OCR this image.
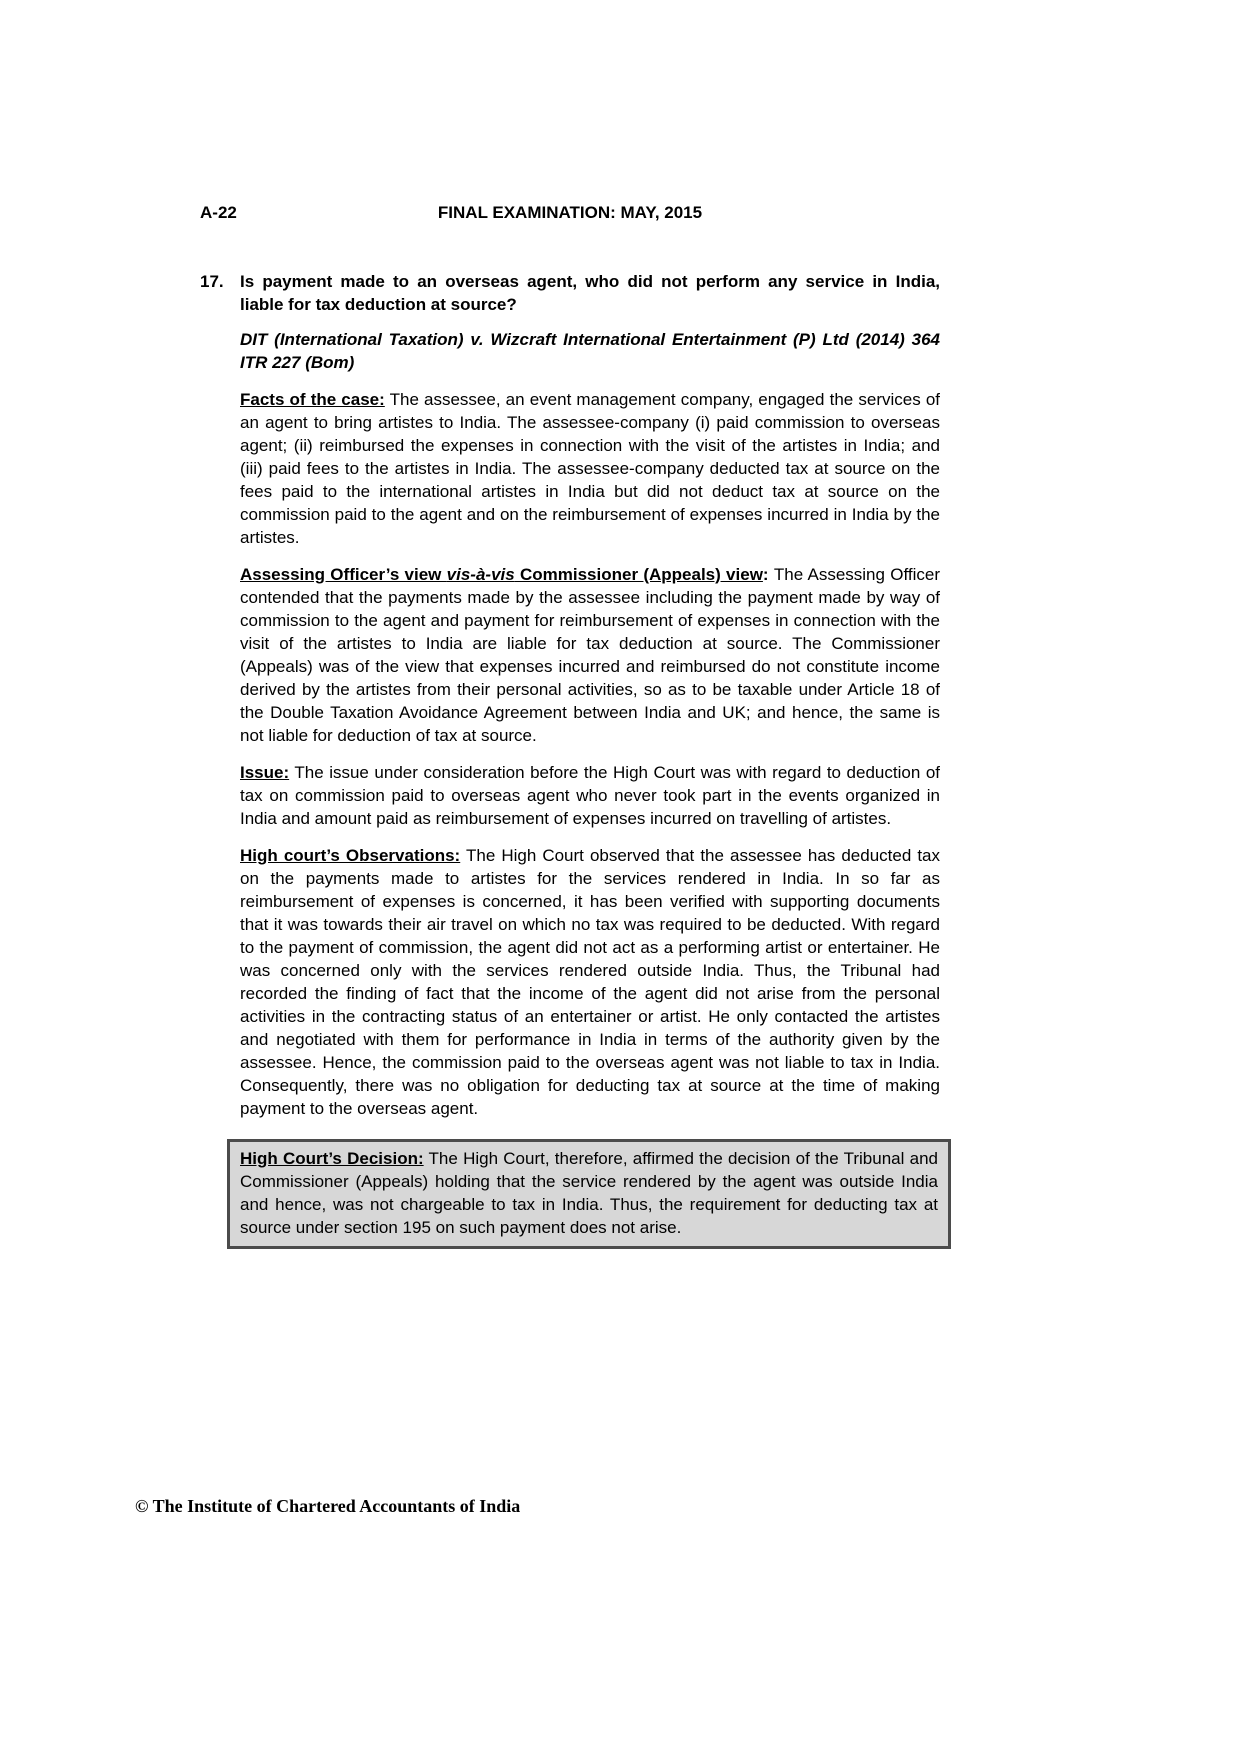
A-22	FINAL EXAMINATION: MAY, 2015
17. Is payment made to an overseas agent, who did not perform any service in India, liable for tax deduction at source?

DIT (International Taxation) v. Wizcraft International Entertainment (P) Ltd (2014) 364 ITR 227 (Bom)

Facts of the case: The assessee, an event management company, engaged the services of an agent to bring artistes to India. The assessee-company (i) paid commission to overseas agent; (ii) reimbursed the expenses in connection with the visit of the artistes in India; and (iii) paid fees to the artistes in India. The assessee-company deducted tax at source on the fees paid to the international artistes in India but did not deduct tax at source on the commission paid to the agent and on the reimbursement of expenses incurred in India by the artistes.

Assessing Officer’s view vis-à-vis Commissioner (Appeals) view: The Assessing Officer contended that the payments made by the assessee including the payment made by way of commission to the agent and payment for reimbursement of expenses in connection with the visit of the artistes to India are liable for tax deduction at source. The Commissioner (Appeals) was of the view that expenses incurred and reimbursed do not constitute income derived by the artistes from their personal activities, so as to be taxable under Article 18 of the Double Taxation Avoidance Agreement between India and UK; and hence, the same is not liable for deduction of tax at source.

Issue: The issue under consideration before the High Court was with regard to deduction of tax on commission paid to overseas agent who never took part in the events organized in India and amount paid as reimbursement of expenses incurred on travelling of artistes.

High court’s Observations: The High Court observed that the assessee has deducted tax on the payments made to artistes for the services rendered in India. In so far as reimbursement of expenses is concerned, it has been verified with supporting documents that it was towards their air travel on which no tax was required to be deducted. With regard to the payment of commission, the agent did not act as a performing artist or entertainer. He was concerned only with the services rendered outside India. Thus, the Tribunal had recorded the finding of fact that the income of the agent did not arise from the personal activities in the contracting status of an entertainer or artist. He only contacted the artistes and negotiated with them for performance in India in terms of the authority given by the assessee. Hence, the commission paid to the overseas agent was not liable to tax in India. Consequently, there was no obligation for deducting tax at source at the time of making payment to the overseas agent.

High Court’s Decision: The High Court, therefore, affirmed the decision of the Tribunal and Commissioner (Appeals) holding that the service rendered by the agent was outside India and hence, was not chargeable to tax in India. Thus, the requirement for deducting tax at source under section 195 on such payment does not arise.
© The Institute of Chartered Accountants of India
